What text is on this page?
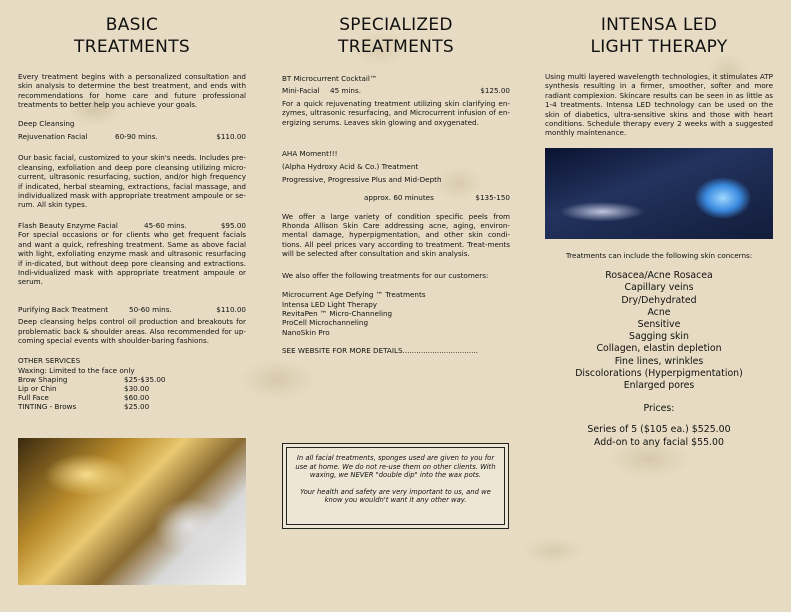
BASIC
TREATMENTS

Every treatment begins with a personalized consultation and skin analysis to determine the best treatment, and ends with recommendations for home care and future professional treatments to better help you achieve your goals.

Deep Cleansing

Rejuvenation Facial	60-90 mins.	$110.00

Our basic facial, customized to your skin's needs. Includes pre-cleansing, exfoliation and deep pore cleansing utilizing micro-current, ultrasonic resurfacing, suction, and/or high frequency if indicated, herbal steaming, extractions, facial massage, and individualized mask with appropriate treatment ampoule or se-rum. All skin types.

Flash Beauty Enzyme Facial	45-60 mins.	$95.00

For special occasions or for clients who get frequent facials and want a quick, refreshing treatment. Same as above facial with light, exfoliating enzyme mask and ultrasonic resurfacing if in-dicated, but without deep pore cleansing and extractions. Indi-vidualized mask with appropriate treatment ampoule or serum.

Purifying Back Treatment	50-60 mins.	$110.00

Deep cleansing helps control oil production and breakouts for problematic back & shoulder areas. Also recommended for up-coming special events with shoulder-baring fashions.

OTHER SERVICES

Waxing: Limited to the face only

Brow Shaping	$25-$35.00
Lip or Chin	$30.00
Full Face	$60.00
TINTING - Brows	$25.00
SPECIALIZED
TREATMENTS

BT Microcurrent Cocktail™

Mini-Facial	45 mins.	$125.00

For a quick rejuvenating treatment utilizing skin clarifying en-zymes, ultrasonic resurfacing, and Microcurrent infusion of en-ergizing serums. Leaves skin glowing and oxygenated.

AHA Moment!!!

(Alpha Hydroxy Acid & Co.) Treatment

Progressive, Progressive Plus and Mid-Depth

approx. 60 minutes	$135-150

We offer a large variety of condition specific peels from Rhonda Allison Skin Care addressing acne, aging, environ-mental damage, hyperpigmentation, and other skin condi-tions. All peel prices vary according to treatment. Treat-ments will be selected after consultation and skin analysis.

We also offer the following treatments for our customers:

Microcurrent Age Defying ™ Treatments

Intensa LED Light Therapy

RevitaPen ™ Micro-Channeling

ProCell Microchanneling

NanoSkin Pro

SEE WEBSITE FOR MORE DETAILS.................................

In all facial treatments, sponges used are given to you for use at home. We do not re-use them on other clients. With waxing, we NEVER "double dip" into the wax pots.

Your health and safety are very important to us, and we know you wouldn't want it any other way.

INTENSA LED
LIGHT THERAPY

Using multi layered wavelength technologies, it stimulates ATP synthesis resulting in a firmer, smoother, softer and more radiant complexion. Skincare results can be seen in as little as 1-4 treatments. Intensa LED technology can be used on the skin of diabetics, ultra-sensitive skins and those with heart conditions. Schedule therapy every 2 weeks with a suggested monthly maintenance.

Treatments can include the following skin concerns:

Rosacea/Acne Rosacea
Capillary veins
Dry/Dehydrated
Acne
Sensitive
Sagging skin
Collagen, elastin depletion
Fine lines, wrinkles
Discolorations (Hyperpigmentation)
Enlarged pores
Prices:
Series of 5 ($105 ea.) $525.00
Add-on to any facial $55.00
